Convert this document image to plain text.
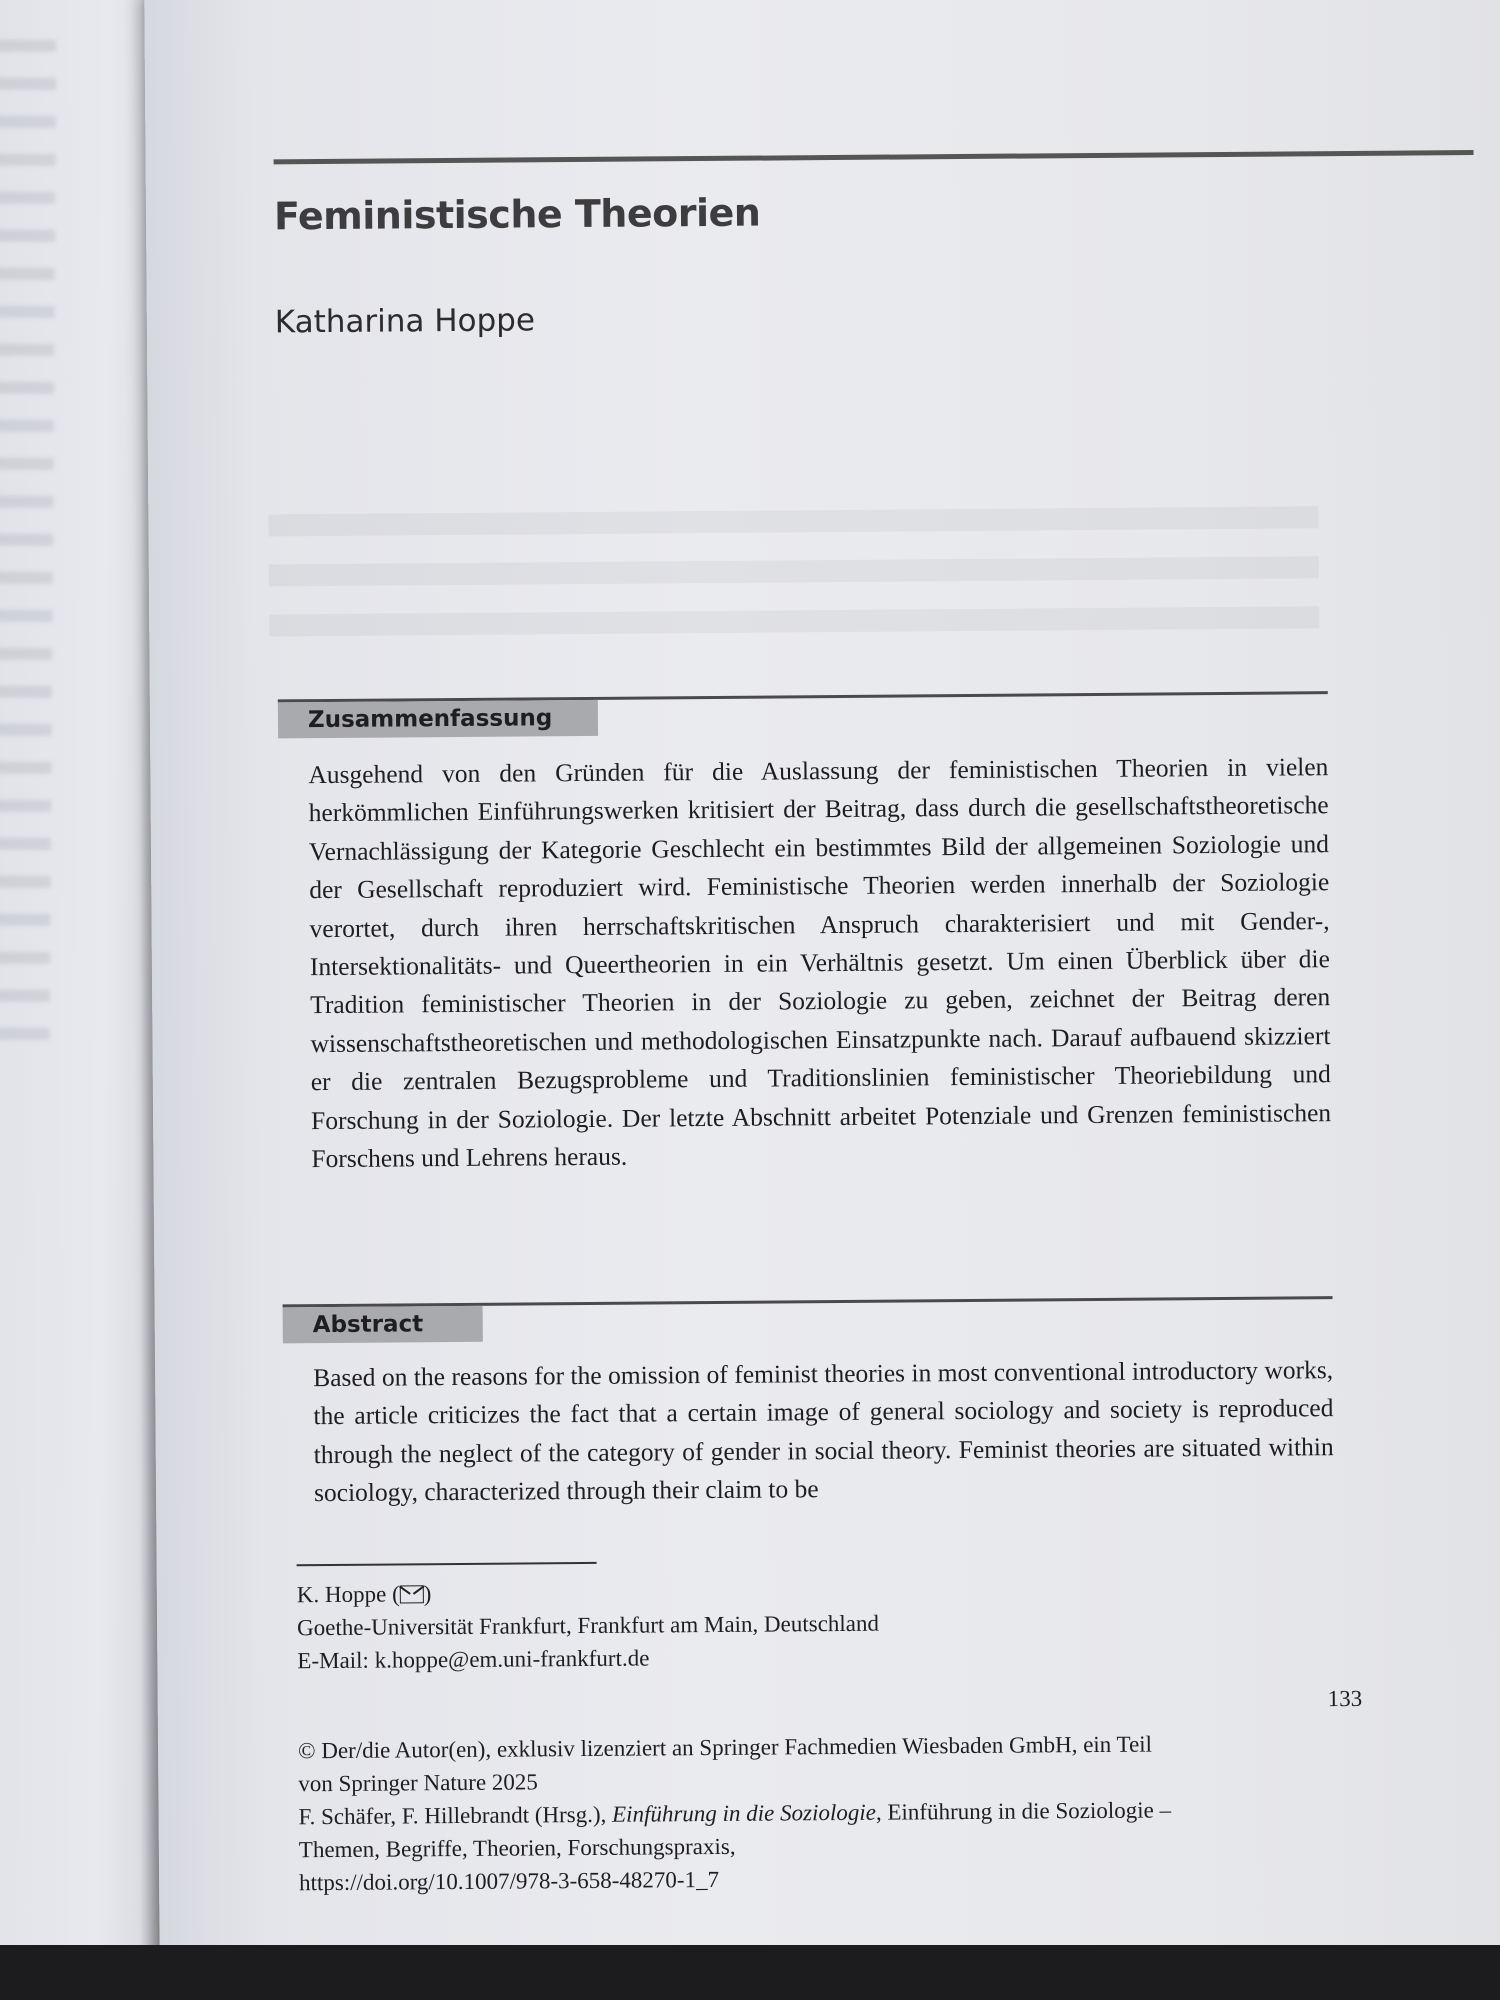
Feministische Theorien
Katharina Hoppe
Zusammenfassung
Ausgehend von den Gründen für die Auslassung der feministischen Theorien in vielen herkömmlichen Einführungswerken kritisiert der Beitrag, dass durch die gesellschaftstheoretische Vernachlässigung der Kategorie Geschlecht ein bestimmtes Bild der allgemeinen Soziologie und der Gesellschaft reproduziert wird. Feministische Theorien werden innerhalb der Soziologie verortet, durch ihren herrschaftskritischen Anspruch charakterisiert und mit Gender-, Intersektionalitäts- und Queertheorien in ein Verhältnis gesetzt. Um einen Überblick über die Tradition feministischer Theorien in der Soziologie zu geben, zeichnet der Beitrag deren wissenschaftstheoretischen und methodologischen Einsatzpunkte nach. Darauf aufbauend skizziert er die zentralen Bezugsprobleme und Traditionslinien feministischer Theoriebildung und Forschung in der Soziologie. Der letzte Abschnitt arbeitet Potenziale und Grenzen feministischen Forschens und Lehrens heraus.
Abstract
Based on the reasons for the omission of feminist theories in most conventional introductory works, the article criticizes the fact that a certain image of general sociology and society is reproduced through the neglect of the category of gender in social theory. Feminist theories are situated within sociology, characterized through their claim to be
K. Hoppe ( )
Goethe-Universität Frankfurt, Frankfurt am Main, Deutschland
E-Mail: k.hoppe@em.uni-frankfurt.de
133
© Der/die Autor(en), exklusiv lizenziert an Springer Fachmedien Wiesbaden GmbH, ein Teil von Springer Nature 2025
F. Schäfer, F. Hillebrandt (Hrsg.), Einführung in die Soziologie, Einführung in die Soziologie – Themen, Begriffe, Theorien, Forschungspraxis,
https://doi.org/10.1007/978-3-658-48270-1_7
